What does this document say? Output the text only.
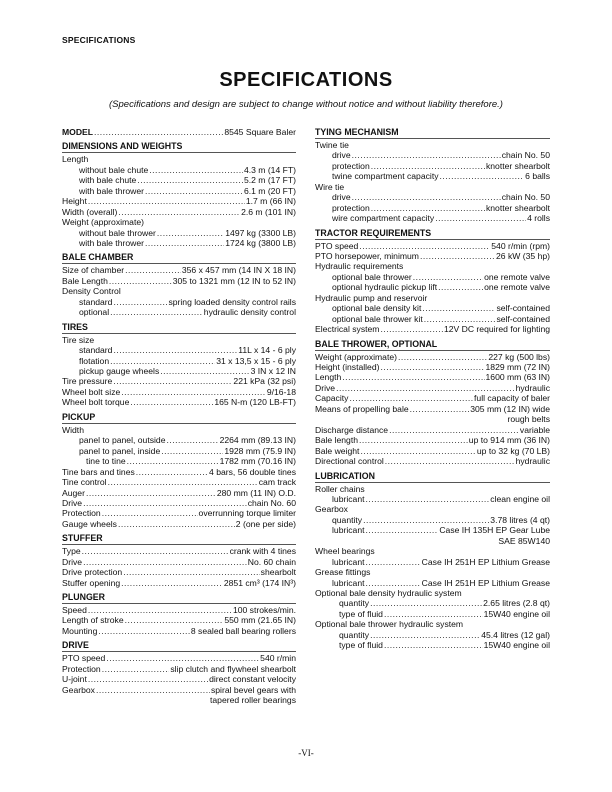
SPECIFICATIONS
SPECIFICATIONS
(Specifications and design are subject to change without notice and without liability therefore.)
MODEL .....	8545 Square Baler
DIMENSIONS AND WEIGHTS
Length
without bale chute .....	4.3 m (14 FT)
with bale chute .....	5.2 m (17 FT)
with bale thrower .....	6.1 m (20 FT)
Height .....	1.7 m (66 IN)
Width (overall) .....	2.6 m (101 IN)
Weight (approximate)
without bale thrower .....	1497 kg (3300 LB)
with bale thrower .....	1724 kg (3800 LB)
BALE CHAMBER
Size of chamber .....	356 x 457 mm (14 IN X 18 IN)
Bale Length .....	305 to 1321 mm (12 IN to 52 IN)
Density Control
standard .....	spring loaded density control rails
optional .....	hydraulic density control
TIRES
Tire size
standard .....	11L x 14 - 6 ply
flotation .....	31 x 13,5 x 15 - 6 ply
pickup gauge wheels .....	3 IN x 12 IN
Tire pressure .....	221 kPa (32 psi)
Wheel bolt size .....	9/16-18
Wheel bolt torque .....	165 N-m (120 LB-FT)
PICKUP
Width
panel to panel, outside .....	2264 mm (89.13 IN)
panel to panel, inside .....	1928 mm (75.9 IN)
tine to tine .....	1782 mm (70.16 IN)
Tine bars and tines .....	4 bars, 56 double tines
Tine control .....	cam track
Auger .....	280 mm (11 IN) O.D.
Drive .....	chain No. 60
Protection .....	overrunning torque limiter
Gauge wheels .....	2 (one per side)
STUFFER
Type .....	crank with 4 tines
Drive .....	No. 60 chain
Drive protection .....	shearbolt
Stuffer opening .....	2851 cm³ (174 IN³)
PLUNGER
Speed .....	100 strokes/min.
Length of stroke .....	550 mm (21.65 IN)
Mounting .....	8 sealed ball bearing rollers
DRIVE
PTO speed .....	540 r/min
Protection .....	slip clutch and flywheel shearbolt
U-joint .....	direct constant velocity
Gearbox .....	spiral bevel gears with
tapered roller bearings
TYING MECHANISM
Twine tie
drive .....	chain No. 50
protection .....	knotter shearbolt
twine compartment capacity .....	6 balls
Wire tie
drive .....	chain No. 50
protection .....	knotter shearbolt
wire compartment capacity .....	4 rolls
TRACTOR REQUIREMENTS
PTO speed .....	540 r/min (rpm)
PTO horsepower, minimum .....	26 kW (35 hp)
Hydraulic requirements
optional bale thrower .....	one remote valve
optional hydraulic pickup lift .....	one remote valve
Hydraulic pump and reservoir
optional bale density kit .....	self-contained
optional bale thrower kit .....	self-contained
Electrical system .....	12V DC required for lighting
BALE THROWER, OPTIONAL
Weight (approximate) .....	227 kg (500 lbs)
Height (installed) .....	1829 mm (72 IN)
Length .....	1600 mm (63 IN)
Drive .....	hydraulic
Capacity .....	full capacity of baler
Means of propelling bale .....	305 mm (12 IN) wide
rough belts
Discharge distance .....	variable
Bale length .....	up to 914 mm (36 IN)
Bale weight .....	up to 32 kg (70 LB)
Directional control .....	hydraulic
LUBRICATION
Roller chains
lubricant .....	clean engine oil
Gearbox
quantity .....	3.78 litres (4 qt)
lubricant .....	Case IH 135H EP Gear Lube
SAE 85W140
Wheel bearings
lubricant .....	Case IH 251H EP Lithium Grease
Grease fittings
lubricant .....	Case IH 251H EP Lithium Grease
Optional bale density hydraulic system
quantity .....	2.65 litres (2.8 qt)
type of fluid .....	15W40 engine oil
Optional bale thrower hydraulic system
quantity .....	45.4 litres (12 gal)
type of fluid .....	15W40 engine oil
-VI-
